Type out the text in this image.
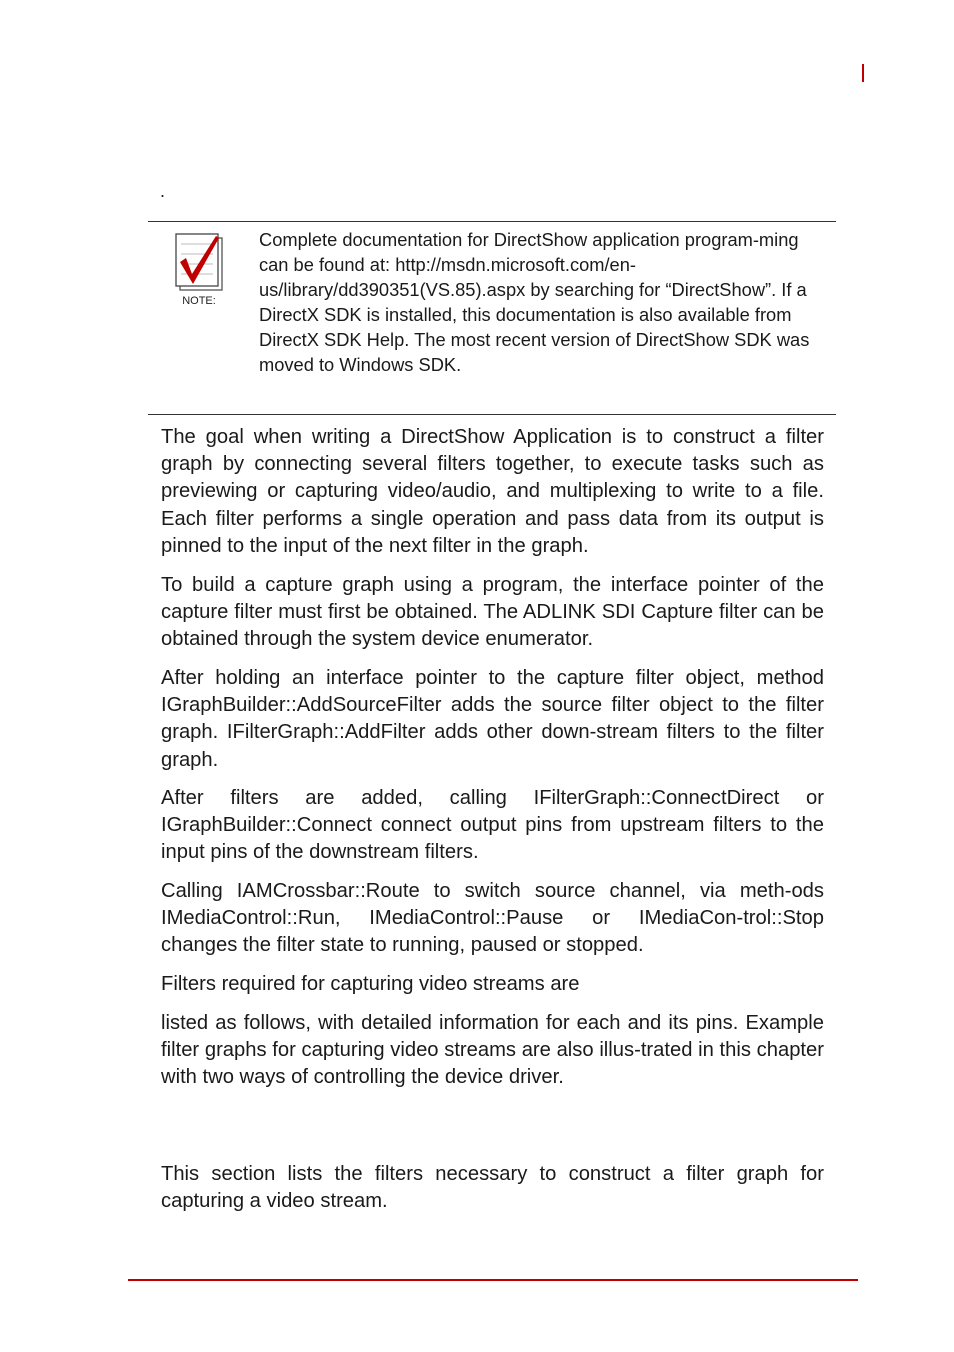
.
NOTE:

Complete documentation for DirectShow application program-ming can be found at: http://msdn.microsoft.com/en-us/library/dd390351(VS.85).aspx by searching for “DirectShow”. If a DirectX SDK is installed, this documentation is also available from DirectX SDK Help. The most recent version of DirectShow SDK was moved to Windows SDK.

The goal when writing a DirectShow Application is to construct a filter graph by connecting several filters together, to execute tasks such as previewing or capturing video/audio, and multiplexing to write to a file. Each filter performs a single operation and pass data from its output is pinned to the input of the next filter in the graph.

To build a capture graph using a program, the interface pointer of the capture filter must first be obtained. The ADLINK SDI Capture filter can be obtained through the system device enumerator.

After holding an interface pointer to the capture filter object, method IGraphBuilder::AddSourceFilter adds the source filter object to the filter graph. IFilterGraph::AddFilter adds other down-stream filters to the filter graph.

After filters are added, calling IFilterGraph::ConnectDirect or IGraphBuilder::Connect connect output pins from upstream filters to the input pins of the downstream filters.

Calling IAMCrossbar::Route to switch source channel, via meth-ods IMediaControl::Run, IMediaControl::Pause or IMediaCon-trol::Stop changes the filter state to running, paused or stopped.

Filters required for capturing video streams are

listed as follows, with detailed information for each and its pins. Example filter graphs for capturing video streams are also illus-trated in this chapter with two ways of controlling the device driver.

This section lists the filters necessary to construct a filter graph for capturing a video stream.
